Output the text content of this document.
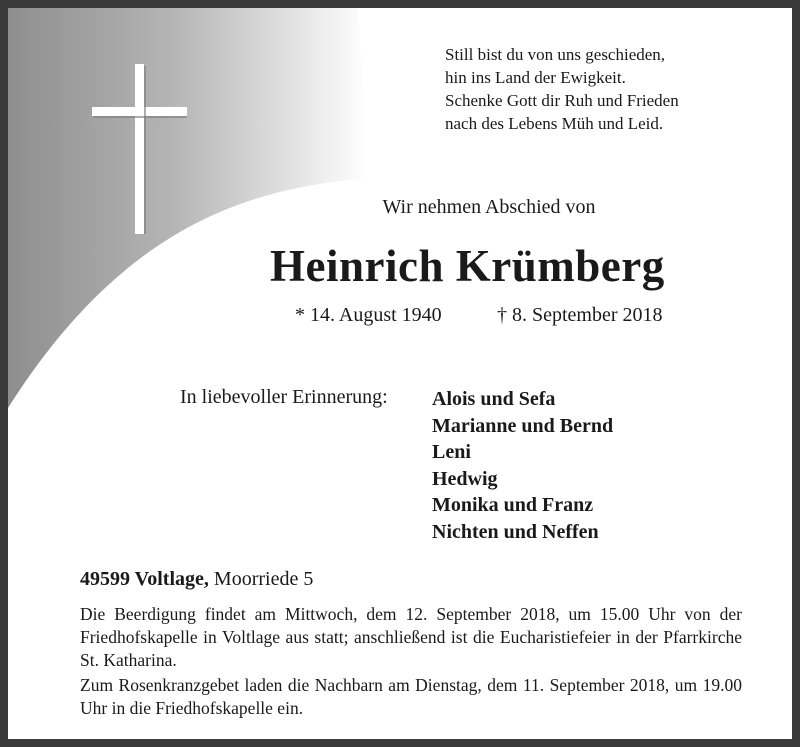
Still bist du von uns geschieden,
hin ins Land der Ewigkeit.
Schenke Gott dir Ruh und Frieden
nach des Lebens Müh und Leid.
Wir nehmen Abschied von
Heinrich Krümberg
* 14. August 1940	† 8. September 2018
In liebevoller Erinnerung: Alois und Sefa
Marianne und Bernd
Leni
Hedwig
Monika und Franz
Nichten und Neffen
49599 Voltlage, Moorriede 5
Die Beerdigung findet am Mittwoch, dem 12. September 2018, um 15.00 Uhr von der Friedhofskapelle in Voltlage aus statt; anschließend ist die Eucharistiefeier in der Pfarrkirche St. Katharina.
Zum Rosenkranzgebet laden die Nachbarn am Dienstag, dem 11. September 2018, um 19.00 Uhr in die Friedhofskapelle ein.
